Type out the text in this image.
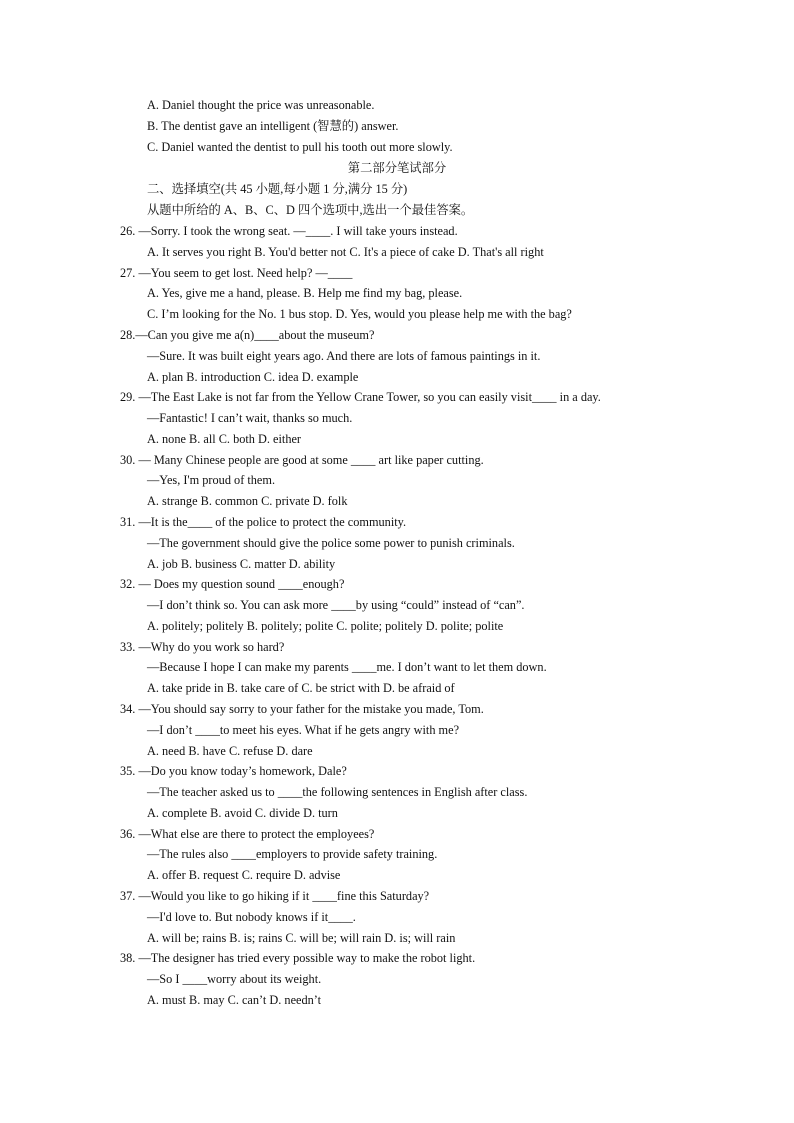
A. Daniel thought the price was unreasonable.
B. The dentist gave an intelligent (智慧的) answer.
C. Daniel wanted the dentist to pull his tooth out more slowly.
第二部分笔试部分
二、选择填空(共 45 小题,每小题 1 分,满分 15 分)
从题中所给的 A、B、C、D 四个选项中,选出一个最佳答案。
26. —Sorry. I took the wrong seat. —____. I will take yours instead.
A. It serves you right B. You'd better not C. It's a piece of cake D. That's all right
27. —You seem to get lost. Need help? —____
A. Yes, give me a hand, please. B. Help me find my bag, please.
C. I’m looking for the No. 1 bus stop. D. Yes, would you please help me with the bag?
28.—Can you give me a(n)____about the museum?
—Sure. It was built eight years ago. And there are lots of famous paintings in it.
A. plan B. introduction C. idea D. example
29. —The East Lake is not far from the Yellow Crane Tower, so you can easily visit____ in a day.
—Fantastic! I can’t wait, thanks so much.
A. none B. all C. both D. either
30. — Many Chinese people are good at some ____ art like paper cutting.
—Yes, I'm proud of them.
A. strange B. common C. private D. folk
31. —It is the____ of the police to protect the community.
—The government should give the police some power to punish criminals.
A. job B. business C. matter D. ability
32. — Does my question sound ____enough?
—I don’t think so. You can ask more ____by using “could” instead of “can”.
A. politely; politely B. politely; polite C. polite; politely D. polite; polite
33. —Why do you work so hard?
—Because I hope I can make my parents ____me. I don’t want to let them down.
A. take pride in B. take care of C. be strict with D. be afraid of
34. —You should say sorry to your father for the mistake you made, Tom.
—I don’t ____to meet his eyes. What if he gets angry with me?
A. need B. have C. refuse D. dare
35. —Do you know today’s homework, Dale?
—The teacher asked us to ____the following sentences in English after class.
A. complete B. avoid C. divide D. turn
36. —What else are there to protect the employees?
—The rules also ____employers to provide safety training.
A. offer B. request C. require D. advise
37. —Would you like to go hiking if it ____fine this Saturday?
—I'd love to. But nobody knows if it____.
A. will be; rains B. is; rains C. will be; will rain D. is; will rain
38. —The designer has tried every possible way to make the robot light.
—So I ____worry about its weight.
A. must B. may C. can’t D. needn’t
